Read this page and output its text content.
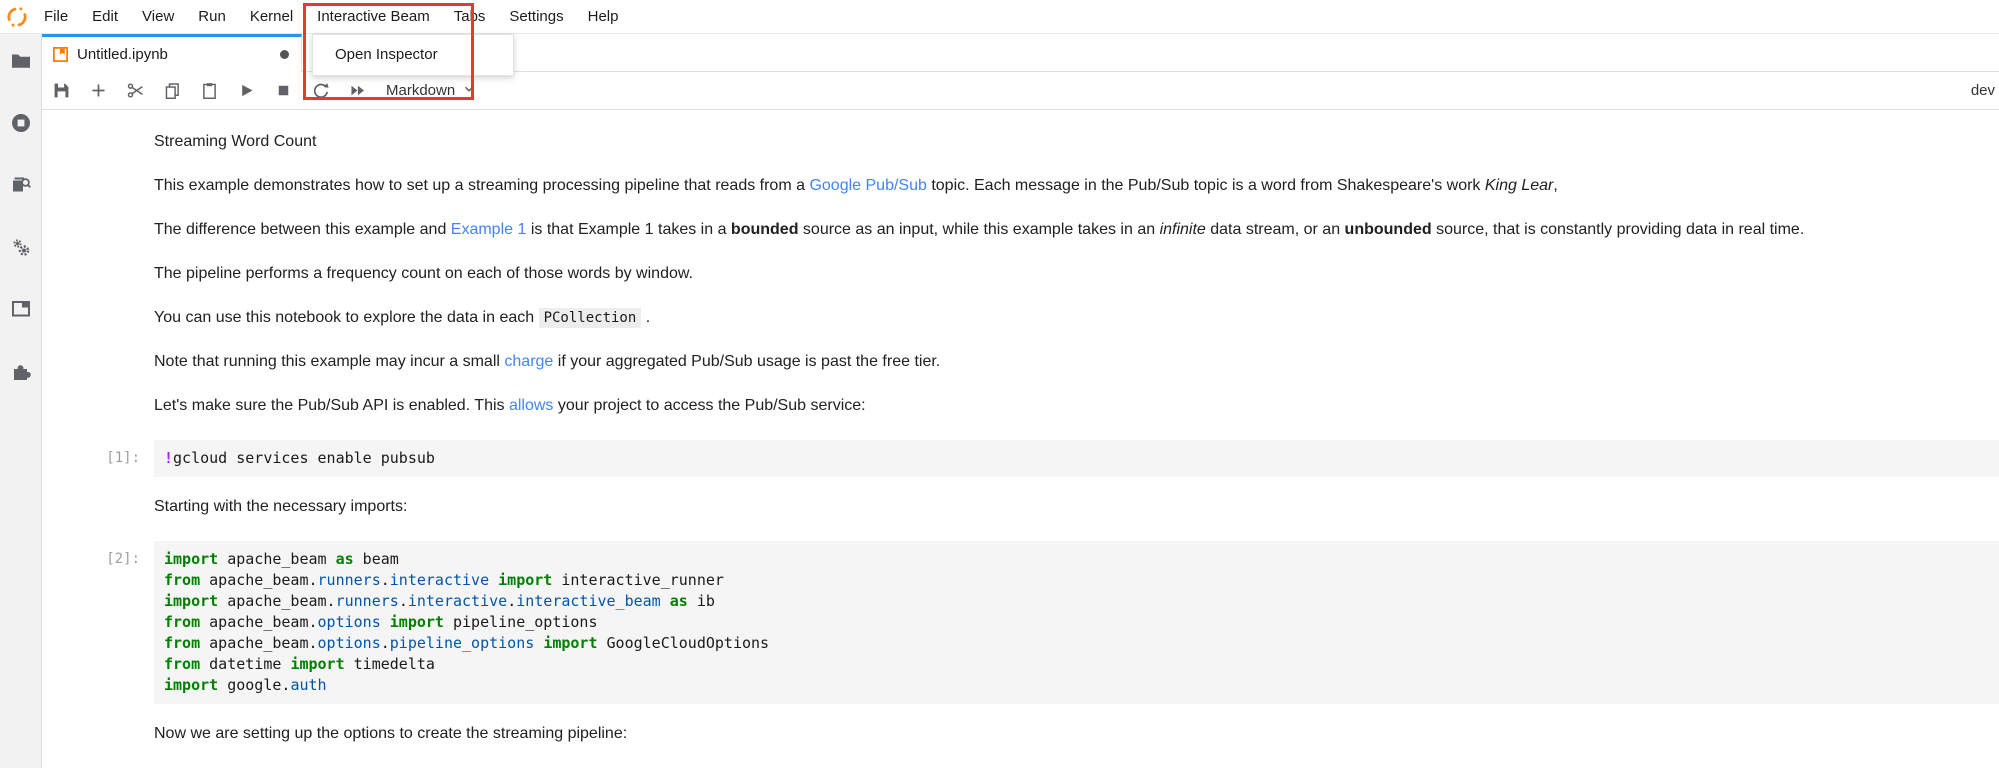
File	Edit	View	Run	Kernel	Interactive Beam	Tabs	Settings	Help
Untitled.ipynb
Markdown	dev
Open Inspector

Streaming Word Count

This example demonstrates how to set up a streaming processing pipeline that reads from a Google Pub/Sub topic. Each message in the Pub/Sub topic is a word from Shakespeare's work King Lear,

The difference between this example and Example 1 is that Example 1 takes in a bounded source as an input, while this example takes in an infinite data stream, or an unbounded source, that is constantly providing data in real time.

The pipeline performs a frequency count on each of those words by window.

You can use this notebook to explore the data in each PCollection .

Note that running this example may incur a small charge if your aggregated Pub/Sub usage is past the free tier.

Let's make sure the Pub/Sub API is enabled. This allows your project to access the Pub/Sub service:

[1]:	!gcloud services enable pubsub

Starting with the necessary imports:

[2]:	import apache_beam as beam
from apache_beam.runners.interactive import interactive_runner
import apache_beam.runners.interactive.interactive_beam as ib
from apache_beam.options import pipeline_options
from apache_beam.options.pipeline_options import GoogleCloudOptions
from datetime import timedelta
import google.auth

Now we are setting up the options to create the streaming pipeline:
